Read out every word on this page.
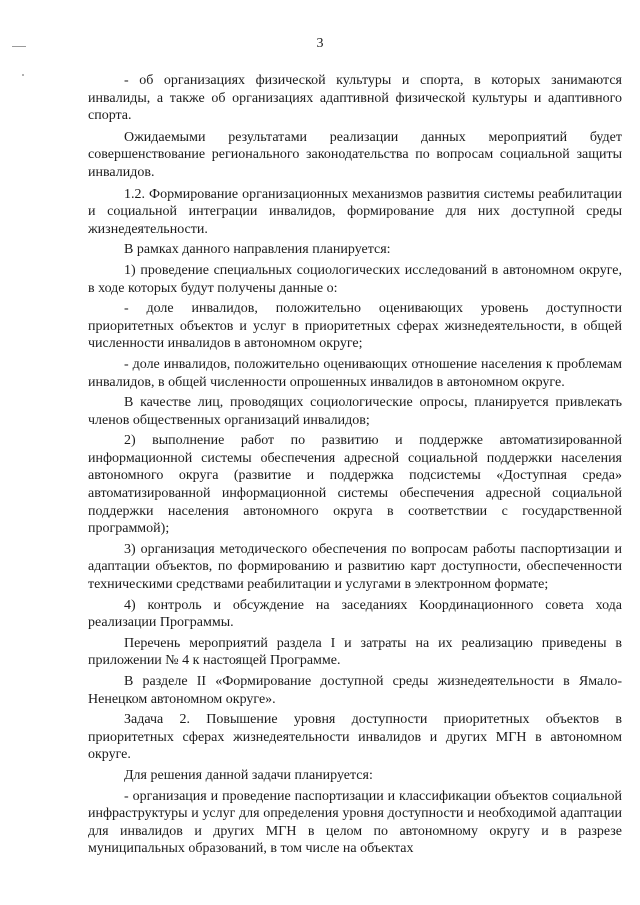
3

- об организациях физической культуры и спорта, в которых занимаются инвалиды, а также об организациях адаптивной физической культуры и адаптивного спорта.

Ожидаемыми результатами реализации данных мероприятий будет совершенствование регионального законодательства по вопросам социальной защиты инвалидов.

1.2. Формирование организационных механизмов развития системы реабилитации и социальной интеграции инвалидов, формирование для них доступной среды жизнедеятельности.

В рамках данного направления планируется:

1) проведение специальных социологических исследований в автономном округе, в ходе которых будут получены данные о:

- доле инвалидов, положительно оценивающих уровень доступности приоритетных объектов и услуг в приоритетных сферах жизнедеятельности, в общей численности инвалидов в автономном округе;

- доле инвалидов, положительно оценивающих отношение населения к проблемам инвалидов, в общей численности опрошенных инвалидов в автономном округе.

В качестве лиц, проводящих социологические опросы, планируется привлекать членов общественных организаций инвалидов;

2) выполнение работ по развитию и поддержке автоматизированной информационной системы обеспечения адресной социальной поддержки населения автономного округа (развитие и поддержка подсистемы «Доступная среда» автоматизированной информационной системы обеспечения адресной социальной поддержки населения автономного округа в соответствии с государственной программой);

3) организация методического обеспечения по вопросам работы паспортизации и адаптации объектов, по формированию и развитию карт доступности, обеспеченности техническими средствами реабилитации и услугами в электронном формате;

4) контроль и обсуждение на заседаниях Координационного совета хода реализации Программы.

Перечень мероприятий раздела I и затраты на их реализацию приведены в приложении № 4 к настоящей Программе.

В разделе II «Формирование доступной среды жизнедеятельности в Ямало-Ненецком автономном округе».

Задача 2. Повышение уровня доступности приоритетных объектов в приоритетных сферах жизнедеятельности инвалидов и других МГН в автономном округе.

Для решения данной задачи планируется:

- организация и проведение паспортизации и классификации объектов социальной инфраструктуры и услуг для определения уровня доступности и необходимой адаптации для инвалидов и других МГН в целом по автономному округу и в разрезе муниципальных образований, в том числе на объектах
